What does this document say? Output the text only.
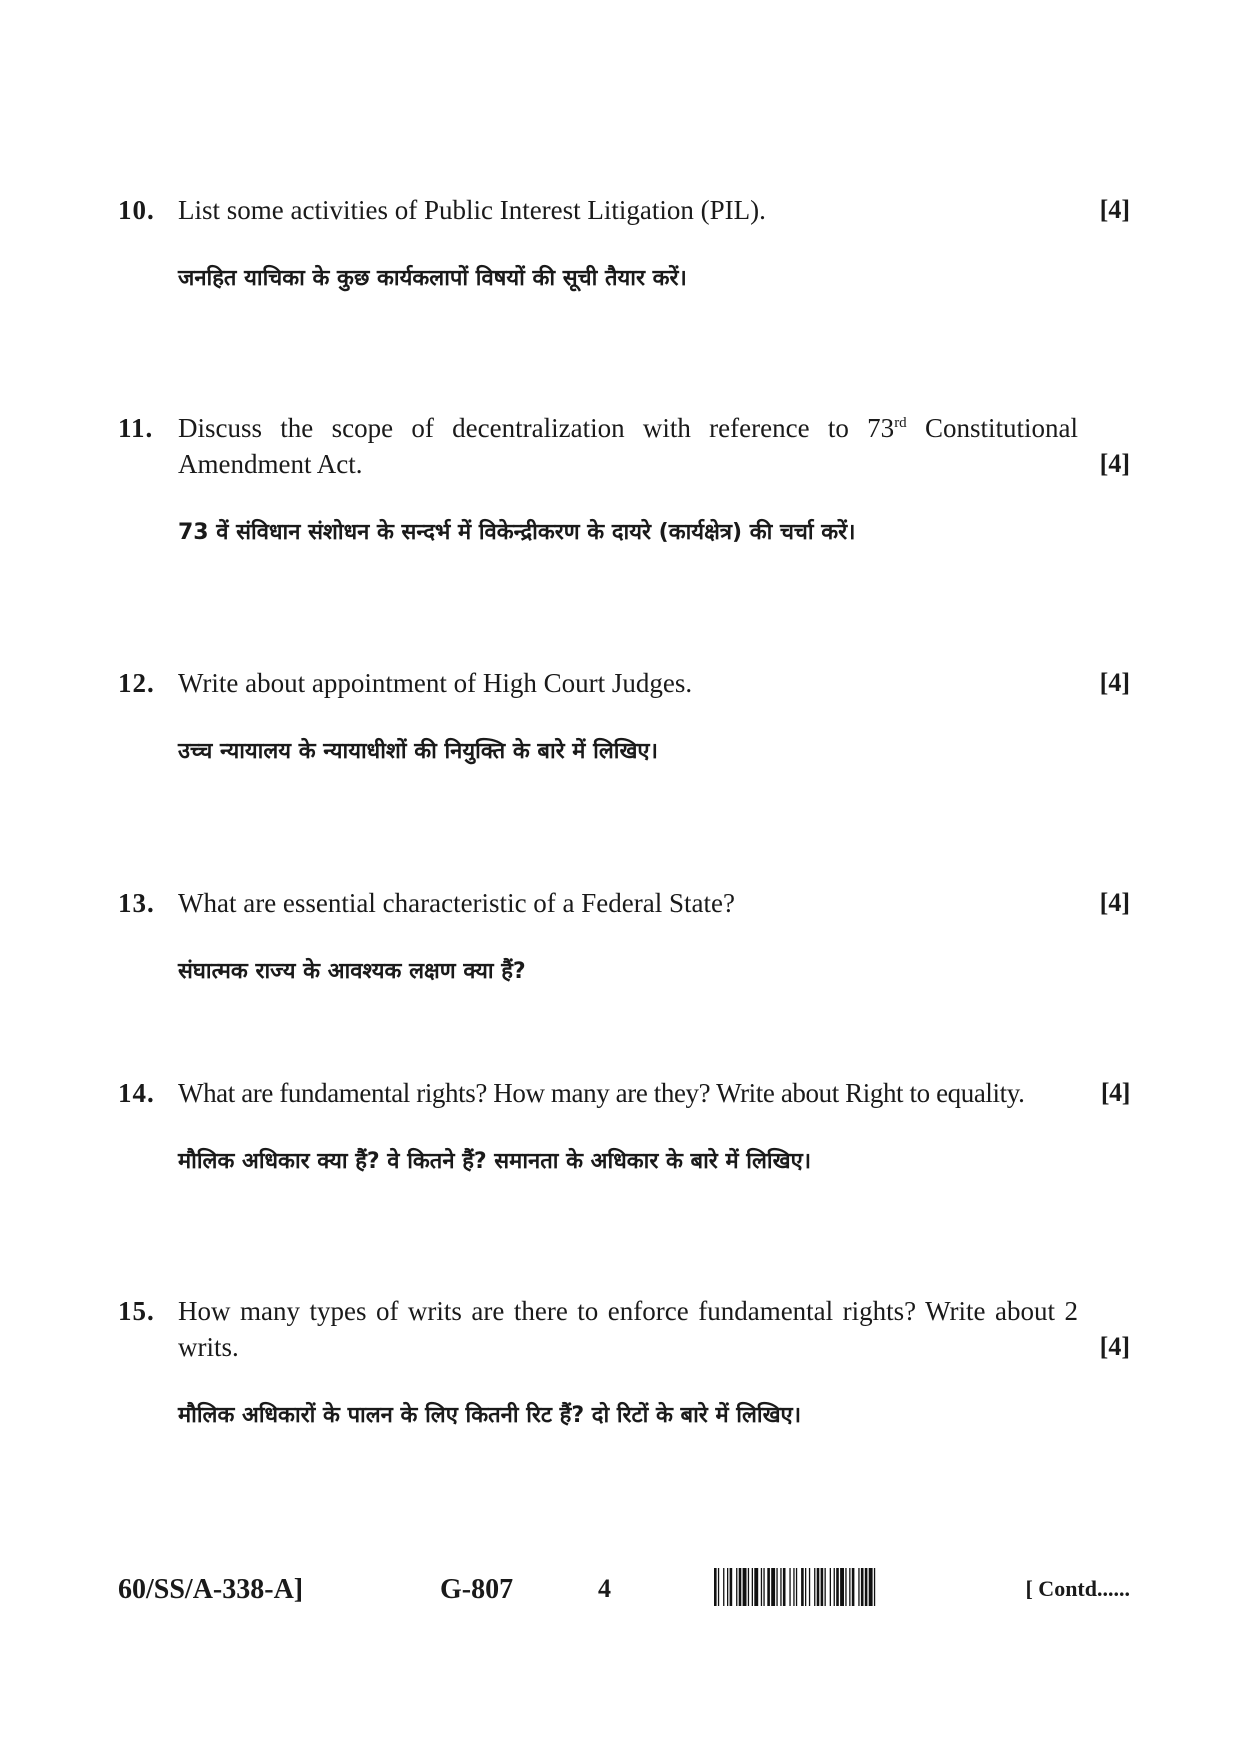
10. List some activities of Public Interest Litigation (PIL).	[4]
जनहित याचिका के कुछ कार्यकलापों विषयों की सूची तैयार करें।
11. Discuss the scope of decentralization with reference to 73rd Constitutional
Amendment Act.	[4]
73 वें संविधान संशोधन के सन्दर्भ में विकेन्द्रीकरण के दायरे (कार्यक्षेत्र) की चर्चा करें।
12. Write about appointment of High Court Judges.	[4]
उच्च न्यायालय के न्यायाधीशों की नियुक्ति के बारे में लिखिए।
13. What are essential characteristic of a Federal State?	[4]
संघात्मक राज्य के आवश्यक लक्षण क्या हैं?
14. What are fundamental rights? How many are they? Write about Right to equality.	[4]
मौलिक अधिकार क्या हैं? वे कितने हैं? समानता के अधिकार के बारे में लिखिए।
15. How many types of writs are there to enforce fundamental rights? Write about 2
writs.	[4]
मौलिक अधिकारों के पालन के लिए कितनी रिट हैं? दो रिटों के बारे में लिखिए।
60/SS/A-338-A]	G-807	4	[ Contd......
